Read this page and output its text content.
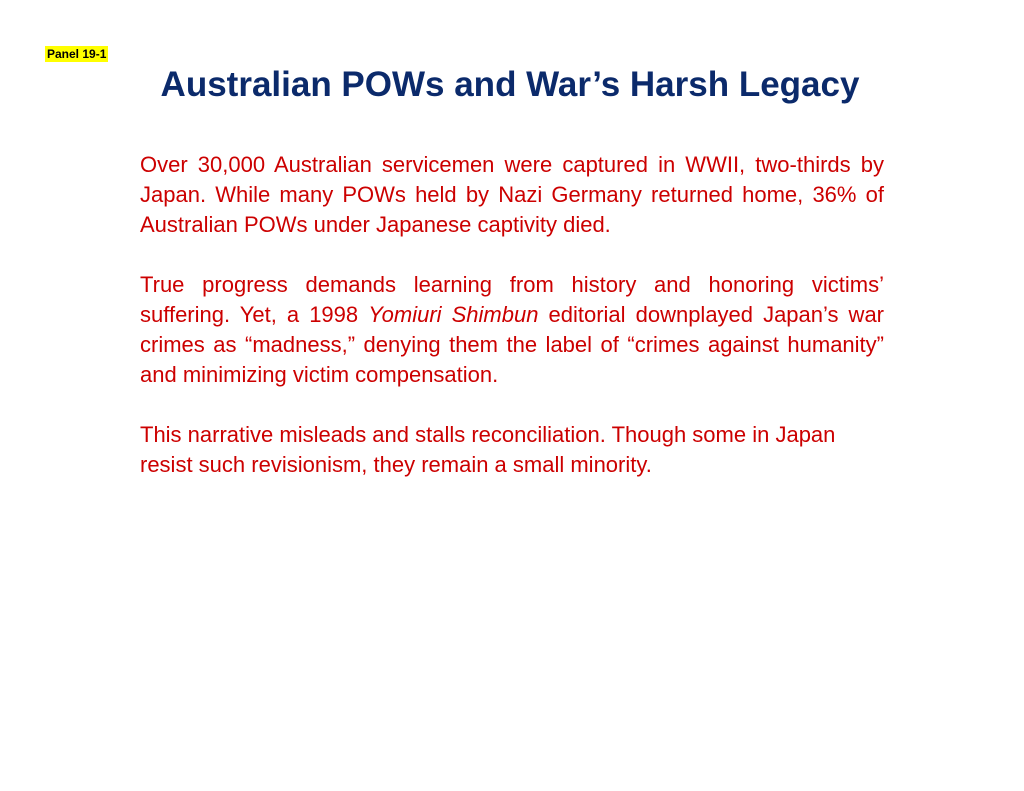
Panel 19-1
Australian POWs and War’s Harsh Legacy

Over 30,000 Australian servicemen were captured in WWII, two-thirds by Japan. While many POWs held by Nazi Germany returned home, 36% of Australian POWs under Japanese captivity died.

True progress demands learning from history and honoring victims’ suffering. Yet, a 1998 Yomiuri Shimbun editorial downplayed Japan’s war crimes as “madness,” denying them the label of “crimes against humanity” and minimizing victim compensation.

This narrative misleads and stalls reconciliation. Though some in Japan resist such revisionism, they remain a small minority.
